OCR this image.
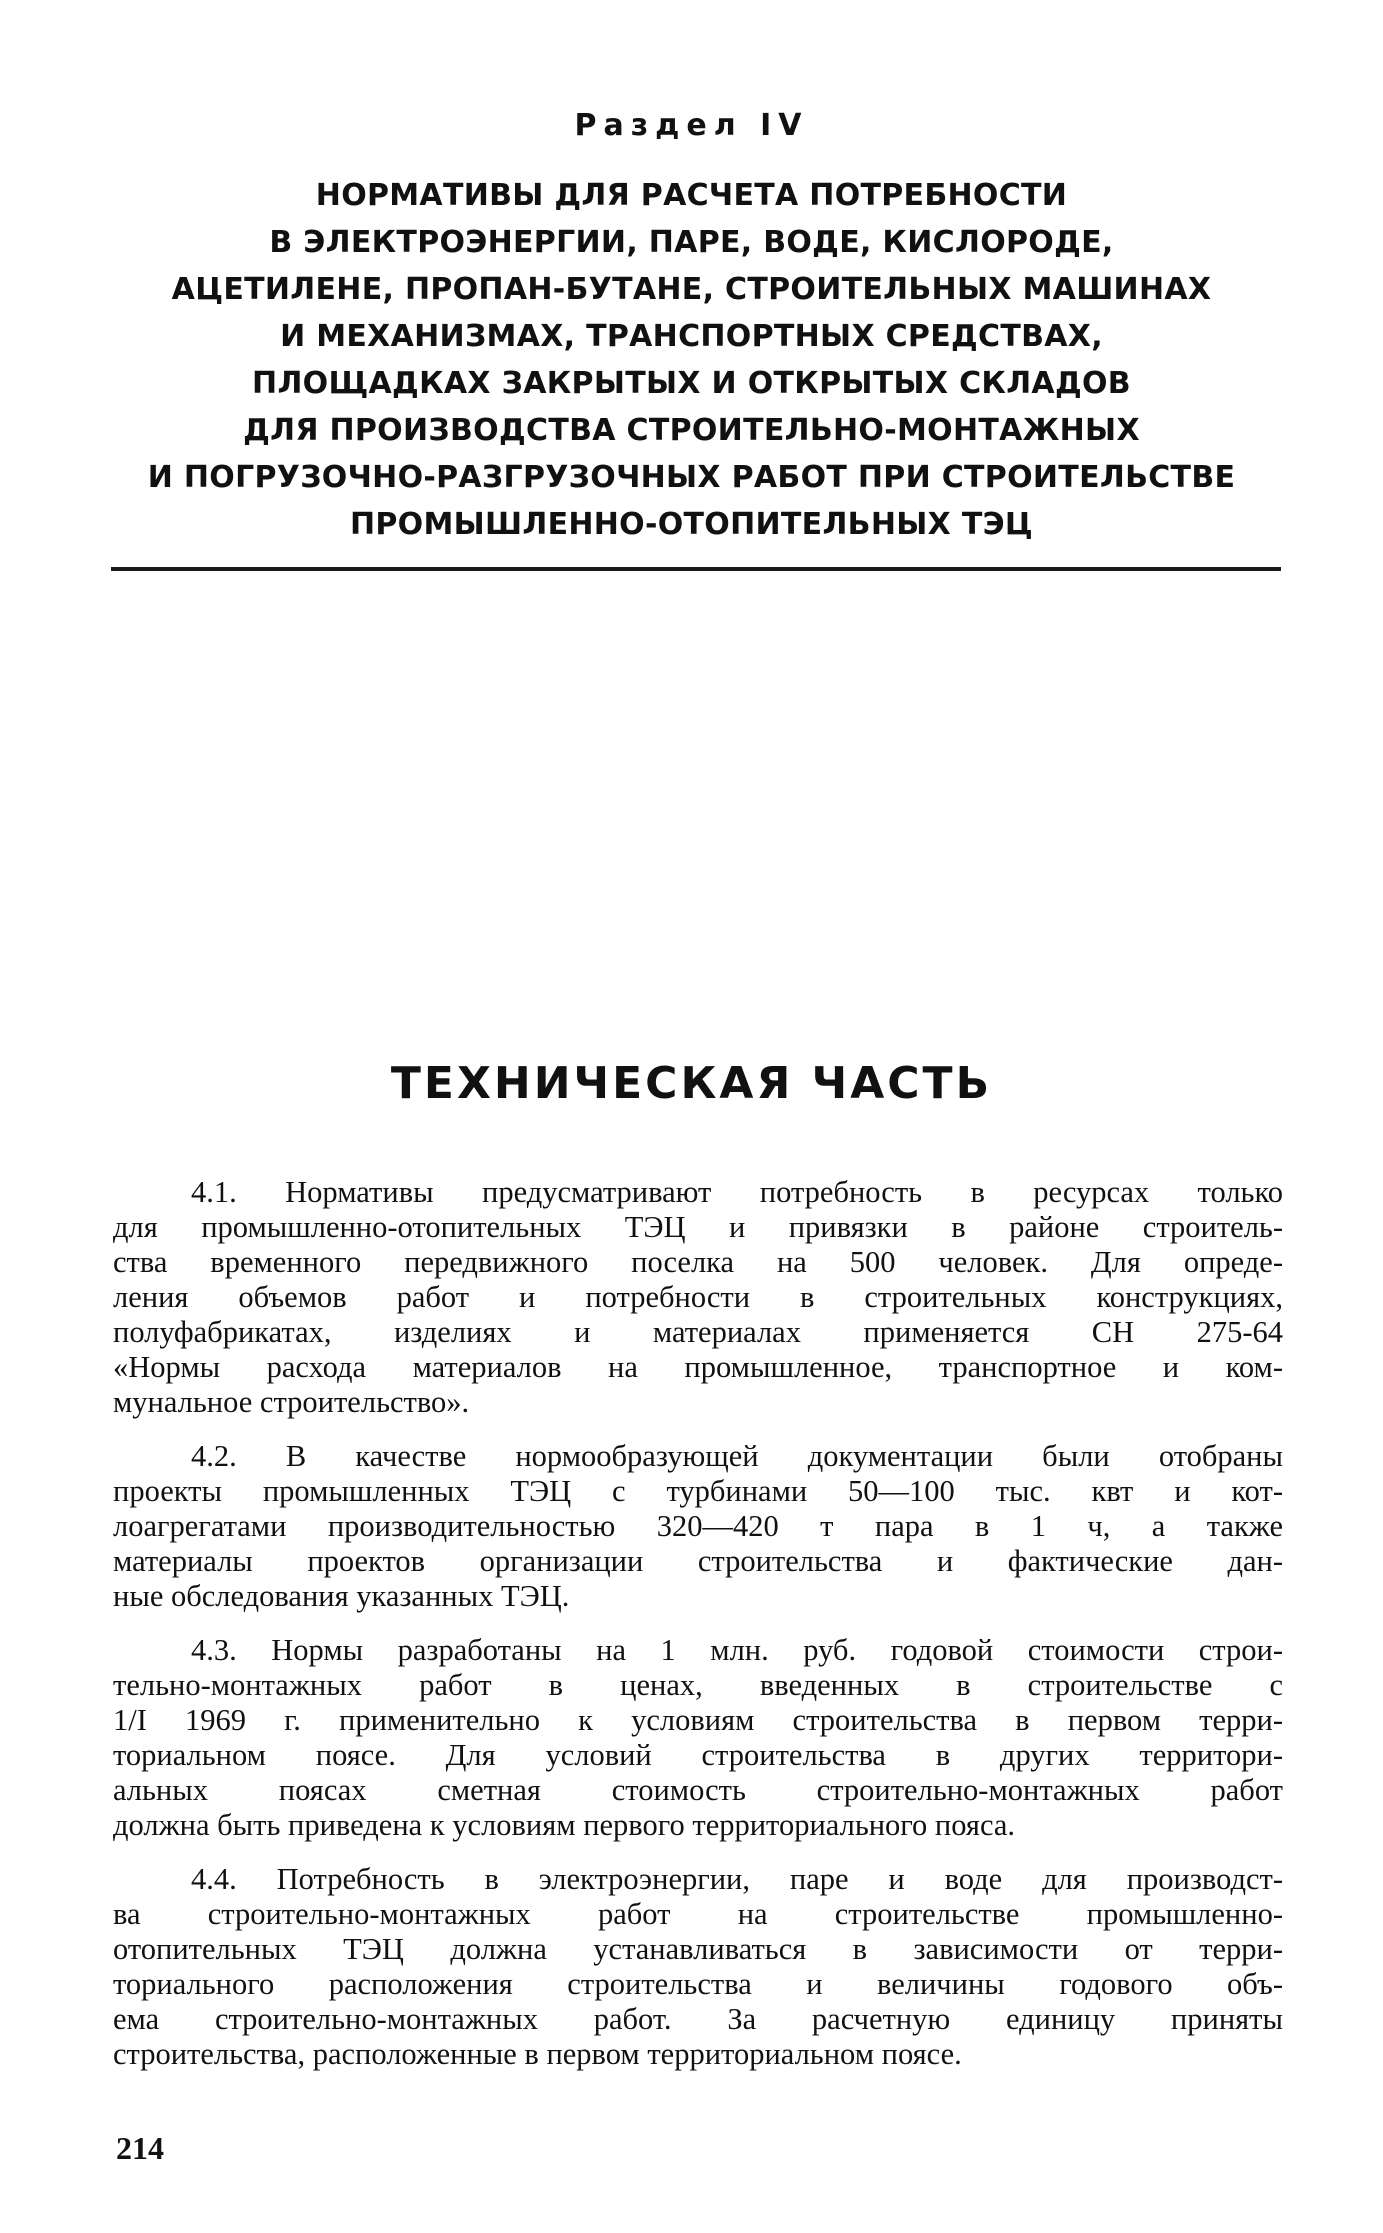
Раздел IV
НОРМАТИВЫ ДЛЯ РАСЧЕТА ПОТРЕБНОСТИ
В ЭЛЕКТРОЭНЕРГИИ, ПАРЕ, ВОДЕ, КИСЛОРОДЕ,
АЦЕТИЛЕНЕ, ПРОПАН-БУТАНЕ, СТРОИТЕЛЬНЫХ МАШИНАХ
И МЕХАНИЗМАХ, ТРАНСПОРТНЫХ СРЕДСТВАХ,
ПЛОЩАДКАХ ЗАКРЫТЫХ И ОТКРЫТЫХ СКЛАДОВ
ДЛЯ ПРОИЗВОДСТВА СТРОИТЕЛЬНО-МОНТАЖНЫХ
И ПОГРУЗОЧНО-РАЗГРУЗОЧНЫХ РАБОТ ПРИ СТРОИТЕЛЬСТВЕ
ПРОМЫШЛЕННО-ОТОПИТЕЛЬНЫХ ТЭЦ
ТЕХНИЧЕСКАЯ ЧАСТЬ
4.1. Нормативы предусматривают потребность в ресурсах только
для промышленно-отопительных ТЭЦ и привязки в районе строитель-
ства временного передвижного поселка на 500 человек. Для опреде-
ления объемов работ и потребности в строительных конструкциях,
полуфабрикатах, изделиях и материалах применяется СН 275-64
«Нормы расхода материалов на промышленное, транспортное и ком-
мунальное строительство».
4.2. В качестве нормообразующей документации были отобраны
проекты промышленных ТЭЦ с турбинами 50—100 тыс. квт и кот-
лоагрегатами производительностью 320—420 т пара в 1 ч, а также
материалы проектов организации строительства и фактические дан-
ные обследования указанных ТЭЦ.
4.3. Нормы разработаны на 1 млн. руб. годовой стоимости строи-
тельно-монтажных работ в ценах, введенных в строительстве с
1/I 1969 г. применительно к условиям строительства в первом терри-
ториальном поясе. Для условий строительства в других территори-
альных поясах сметная стоимость строительно-монтажных работ
должна быть приведена к условиям первого территориального пояса.
4.4. Потребность в электроэнергии, паре и воде для производст-
ва строительно-монтажных работ на строительстве промышленно-
отопительных ТЭЦ должна устанавливаться в зависимости от терри-
ториального расположения строительства и величины годового объ-
ема строительно-монтажных работ. За расчетную единицу приняты
строительства, расположенные в первом территориальном поясе.
214
